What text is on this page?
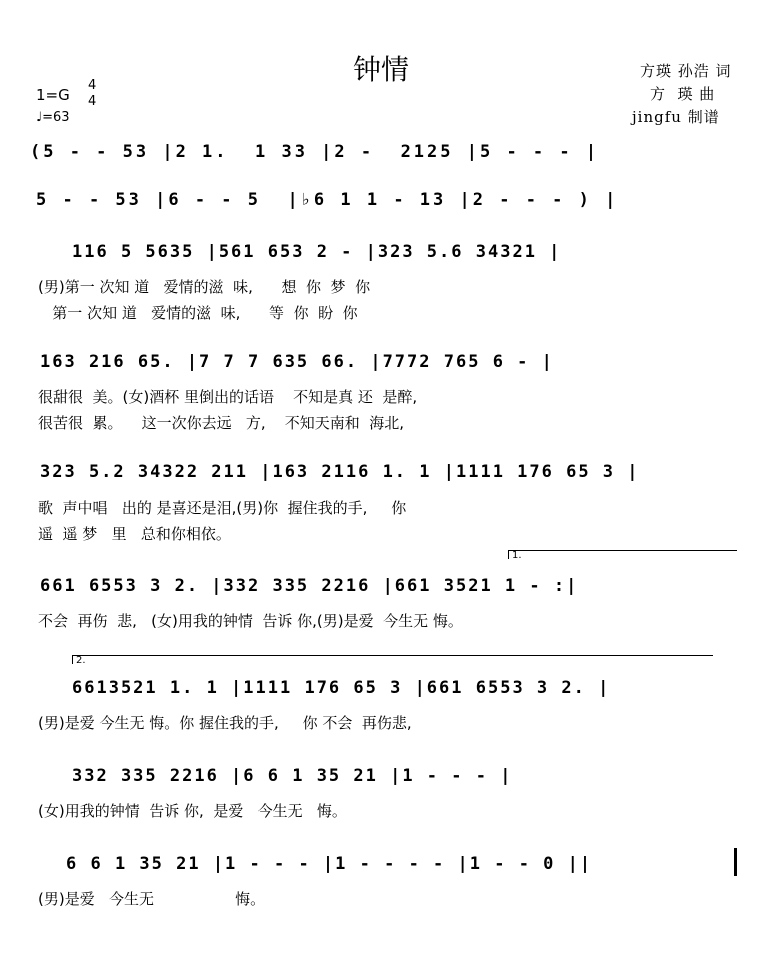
钟情	方瑛 孙浩 词
方  瑛 曲
jingfu 制谱
1=G
4
4
♩=63
(5 - - 53 |2 1.  1 33 |2 -  2125 |5 - - - |
5 - - 53 |6 - - 5  |♭6 1 1 - 13 |2 - - - ) |
116 5 5635 |561 653 2 - |323 5.6 34321 |
(男)第一 次知 道   爱情的滋  味,      想  你  梦  你
第一 次知 道   爱情的滋  味,      等  你  盼  你
163 216 65. |7 7 7 635 66. |7772 765 6 - |
很甜很  美。(女)酒杯 里倒出的话语    不知是真 还  是醉,
很苦很  累。    这一次你去远   方,    不知天南和  海北,
323 5.2 34322 211 |163 2116 1. 1 |1111 176 65 3 |
歌  声中唱   出的 是喜还是泪,(男)你  握住我的手,     你
遥  遥 梦   里   总和你相依。
1.
661 6553 3 2. |332 335 2216 |661 3521 1 - :|
不会  再伤  悲,   (女)用我的钟情  告诉 你,(男)是爱  今生无 悔。
2.
6613521 1. 1 |1111 176 65 3 |661 6553 3 2. |
(男)是爱 今生无 悔。你 握住我的手,     你 不会  再伤悲,
332 335 2216 |6 6 1 35 21 |1 - - - |
(女)用我的钟情  告诉 你,  是爱   今生无   悔。
6 6 1 35 21 |1 - - - |1 - - - - |1 - - 0 ||
(男)是爱   今生无                 悔。
